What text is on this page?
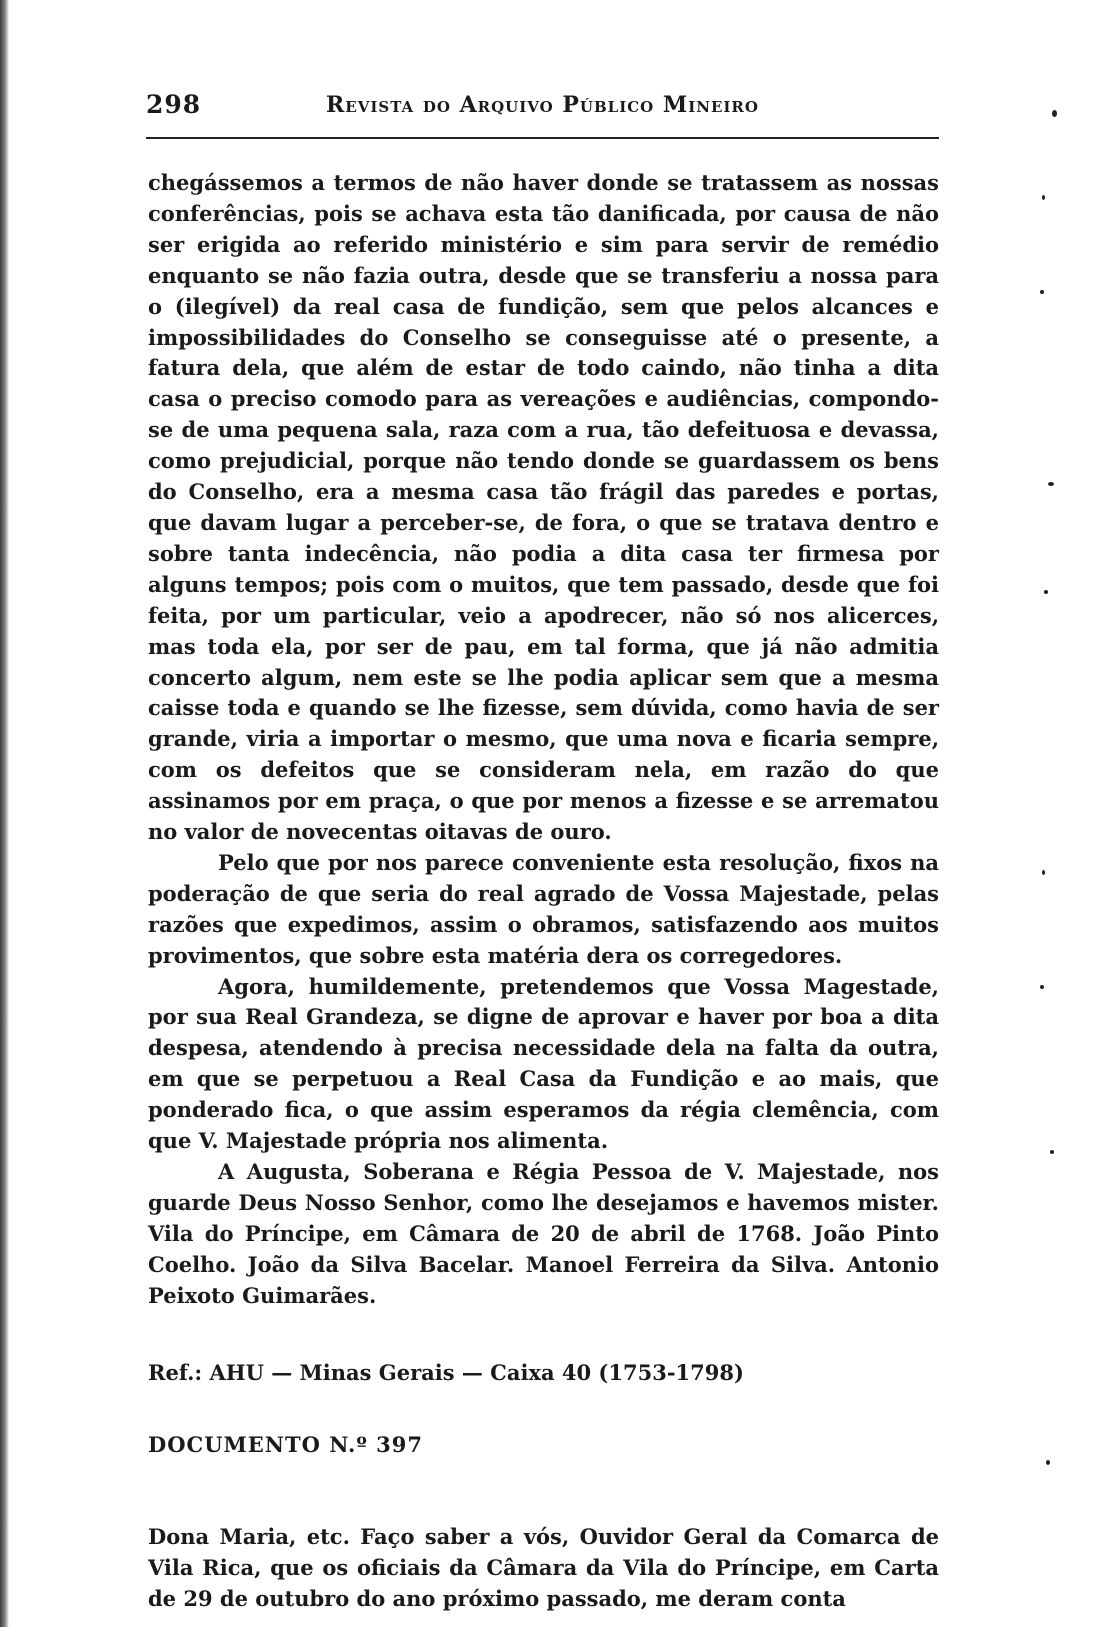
298	Revista do Arquivo Público Mineiro

chegássemos a termos de não haver donde se tratassem as nossas conferências, pois se achava esta tão danificada, por causa de não ser erigida ao referido ministério e sim para servir de remédio enquanto se não fazia outra, desde que se transferiu a nossa para o (ilegível) da real casa de fundição, sem que pelos alcances e impossibilidades do Conselho se conseguisse até o presente, a fatura dela, que além de estar de todo caindo, não tinha a dita casa o preciso comodo para as vereações e audiências, compondo-se de uma pequena sala, raza com a rua, tão defeituosa e devassa, como prejudicial, porque não tendo donde se guardassem os bens do Conselho, era a mesma casa tão frágil das paredes e portas, que davam lugar a perceber-se, de fora, o que se tratava dentro e sobre tanta indecência, não podia a dita casa ter firmesa por alguns tempos; pois com o muitos, que tem passado, desde que foi feita, por um particular, veio a apodrecer, não só nos alicerces, mas toda ela, por ser de pau, em tal forma, que já não admitia concerto algum, nem este se lhe podia aplicar sem que a mesma caisse toda e quando se lhe fizesse, sem dúvida, como havia de ser grande, viria a importar o mesmo, que uma nova e ficaria sempre, com os defeitos que se consideram nela, em razão do que assinamos por em praça, o que por menos a fizesse e se arrematou no valor de novecentas oitavas de ouro.

Pelo que por nos parece conveniente esta resolução, fixos na poderação de que seria do real agrado de Vossa Majestade, pelas razões que expedimos, assim o obramos, satisfazendo aos muitos provimentos, que sobre esta matéria dera os corregedores.

Agora, humildemente, pretendemos que Vossa Magestade, por sua Real Grandeza, se digne de aprovar e haver por boa a dita despesa, atendendo à precisa necessidade dela na falta da outra, em que se perpetuou a Real Casa da Fundição e ao mais, que ponderado fica, o que assim esperamos da régia clemência, com que V. Majestade própria nos alimenta.

A Augusta, Soberana e Régia Pessoa de V. Majestade, nos guarde Deus Nosso Senhor, como lhe desejamos e havemos mister. Vila do Príncipe, em Câmara de 20 de abril de 1768. João Pinto Coelho. João da Silva Bacelar. Manoel Ferreira da Silva. Antonio Peixoto Guimarães.

Ref.: AHU — Minas Gerais — Caixa 40 (1753-1798)
DOCUMENTO N.º 397

Dona Maria, etc. Faço saber a vós, Ouvidor Geral da Comarca de Vila Rica, que os oficiais da Câmara da Vila do Príncipe, em Carta de 29 de outubro do ano próximo passado, me deram conta
